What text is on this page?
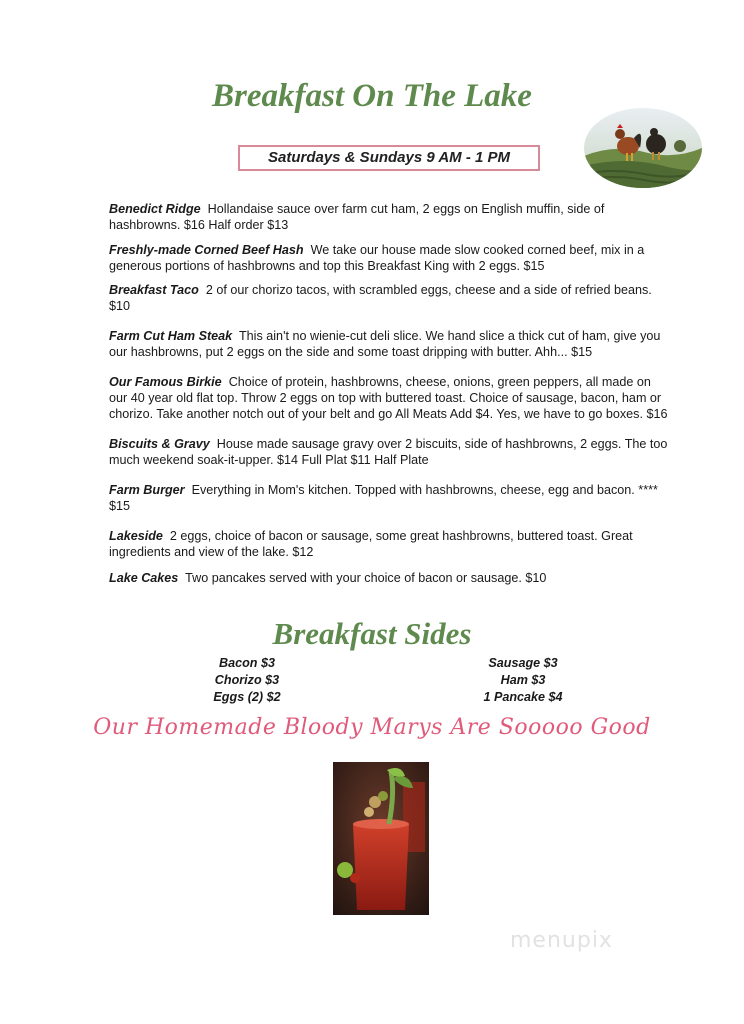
Breakfast On The Lake
Saturdays & Sundays 9 AM - 1 PM
Benedict Ridge Hollandaise sauce over farm cut ham, 2 eggs on English muffin, side of hashbrowns. $16 Half order $13
Freshly-made Corned Beef Hash We take our house made slow cooked corned beef, mix in a generous portions of hashbrowns and top this Breakfast King with 2 eggs. $15
Breakfast Taco 2 of our chorizo tacos, with scrambled eggs, cheese and a side of refried beans. $10
Farm Cut Ham Steak This ain't no wienie-cut deli slice. We hand slice a thick cut of ham, give you our hashbrowns, put 2 eggs on the side and some toast dripping with butter. Ahh... $15
Our Famous Birkie Choice of protein, hashbrowns, cheese, onions, green peppers, all made on our 40 year old flat top. Throw 2 eggs on top with buttered toast. Choice of sausage, bacon, ham or chorizo. Take another notch out of your belt and go All Meats Add $4. Yes, we have to go boxes. $16
Biscuits & Gravy House made sausage gravy over 2 biscuits, side of hashbrowns, 2 eggs. The too much weekend soak-it-upper. $14 Full Plat $11 Half Plate
Farm Burger Everything in Mom's kitchen. Topped with hashbrowns, cheese, egg and bacon. **** $15
Lakeside 2 eggs, choice of bacon or sausage, some great hashbrowns, buttered toast. Great ingredients and view of the lake. $12
Lake Cakes Two pancakes served with your choice of bacon or sausage. $10
Breakfast Sides
Bacon $3
Chorizo $3
Eggs (2) $2
Sausage $3
Ham $3
1 Pancake $4
Our Homemade Bloody Marys Are Sooooo Good
menupix
